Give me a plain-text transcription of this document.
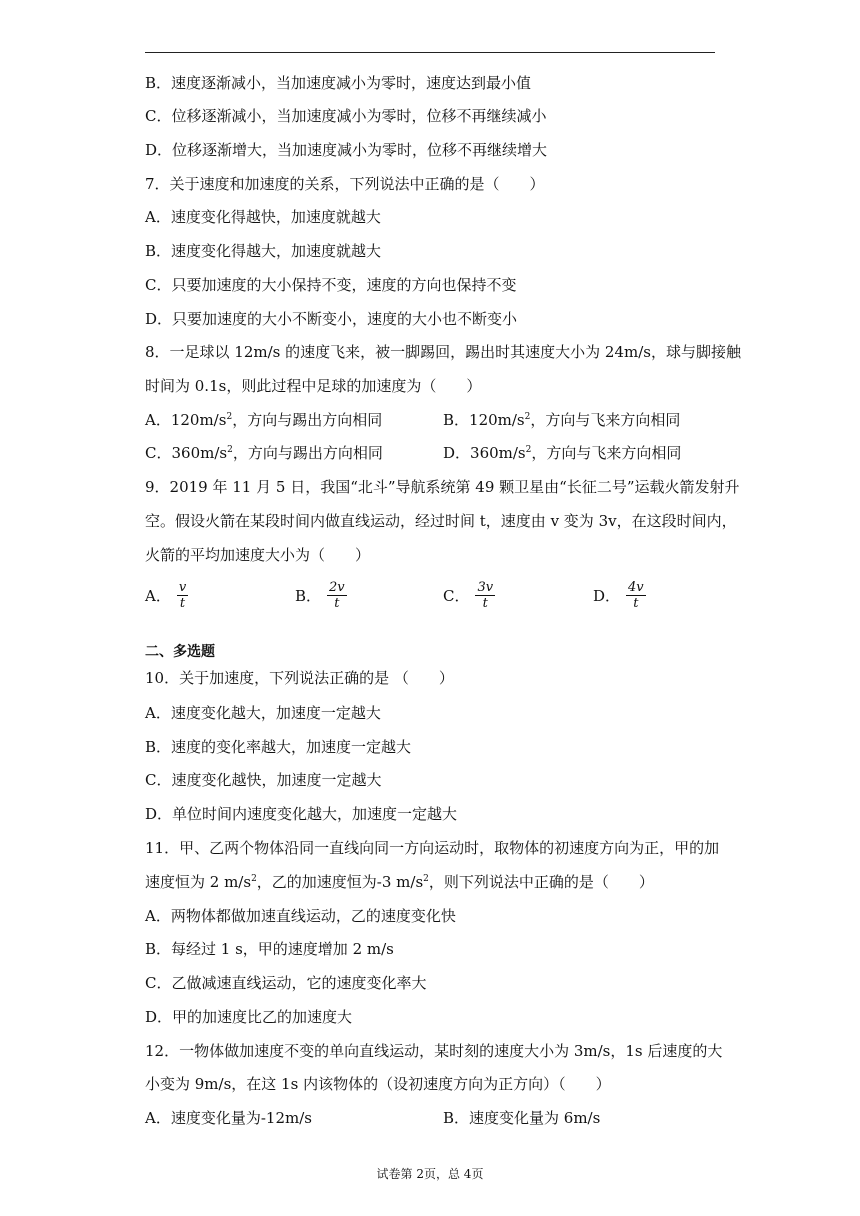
B．速度逐渐减小，当加速度减小为零时，速度达到最小值
C．位移逐渐减小，当加速度减小为零时，位移不再继续减小
D．位移逐渐增大，当加速度减小为零时，位移不再继续增大
7．关于速度和加速度的关系，下列说法中正确的是（　　）
A．速度变化得越快，加速度就越大
B．速度变化得越大，加速度就越大
C．只要加速度的大小保持不变，速度的方向也保持不变
D．只要加速度的大小不断变小，速度的大小也不断变小
8．一足球以 12m/s 的速度飞来，被一脚踢回，踢出时其速度大小为 24m/s，球与脚接触
时间为 0.1s，则此过程中足球的加速度为（　　）
A．$120m/s^2$，方向与踢出方向相同	B．$120m/s^2$，方向与飞来方向相同
C．$360m/s^2$，方向与踢出方向相同	D．$360m/s^2$，方向与飞来方向相同
9．2019 年 11 月 5 日，我国“北斗”导航系统第 49 颗卫星由“长征二号”运载火箭发射升
空。假设火箭在某段时间内做直线运动，经过时间 t，速度由 v 变为 3v，在这段时间内，
火箭的平均加速度大小为（　　）
A． $\frac{v}{t}$	B． $\frac{2v}{t}$	C． $\frac{3v}{t}$	D． $\frac{4v}{t}$
二、多选题
10．关于加速度，下列说法正确的是 （　　）
A．速度变化越大，加速度一定越大
B．速度的变化率越大，加速度一定越大
C．速度变化越快，加速度一定越大
D．单位时间内速度变化越大，加速度一定越大
11．甲、乙两个物体沿同一直线向同一方向运动时，取物体的初速度方向为正，甲的加
速度恒为 2 $m/s^2$，乙的加速度恒为-3 $m/s^2$，则下列说法中正确的是（　　）
A．两物体都做加速直线运动，乙的速度变化快
B．每经过 1 s，甲的速度增加 2 m/s
C．乙做减速直线运动，它的速度变化率大
D．甲的加速度比乙的加速度大
12．一物体做加速度不变的单向直线运动，某时刻的速度大小为 3m/s，1s 后速度的大
小变为 9m/s，在这 1s 内该物体的（设初速度方向为正方向）（　　）
A．速度变化量为-12m/s	B．速度变化量为 6m/s
试卷第 2页，总 4页
